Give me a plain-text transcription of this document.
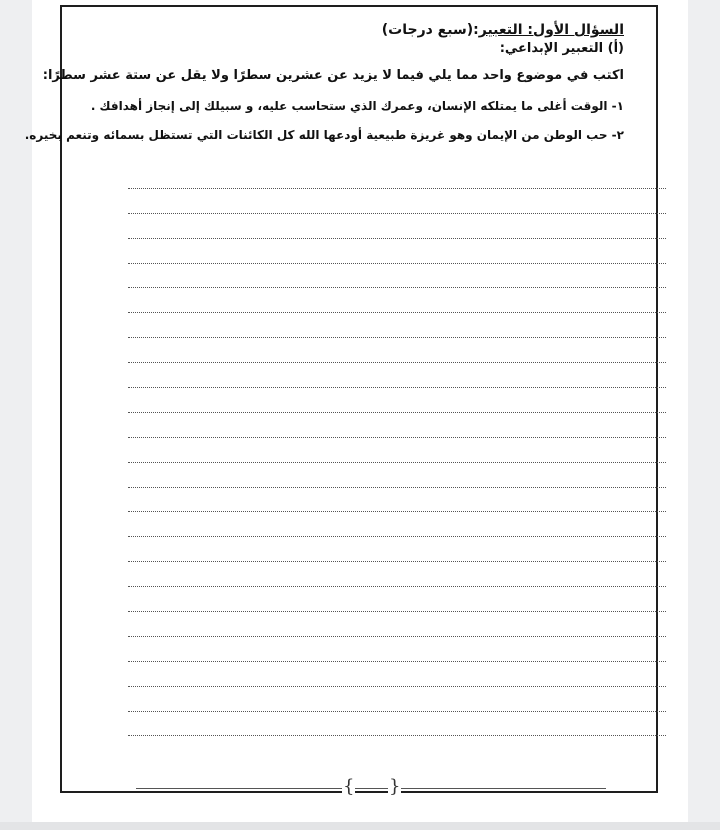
السؤال الأول: التعبير:(سبع درجات)
(أ) التعبير الإبداعي:
اكتب في موضوع واحد مما يلي فيما لا يزيد عن عشرين سطرًا ولا يقل عن ستة عشر سطرًا:
١- الوقت أغلى ما يمتلكه الإنسان، وعمرك الذي ستحاسب عليه، و سبيلك إلى إنجاز أهدافك .
٢- حب الوطن من الإيمان وهو غريزة طبيعية أودعها الله كل الكائنات التي تستظل بسمائه وتنعم بخيره.
{ }
